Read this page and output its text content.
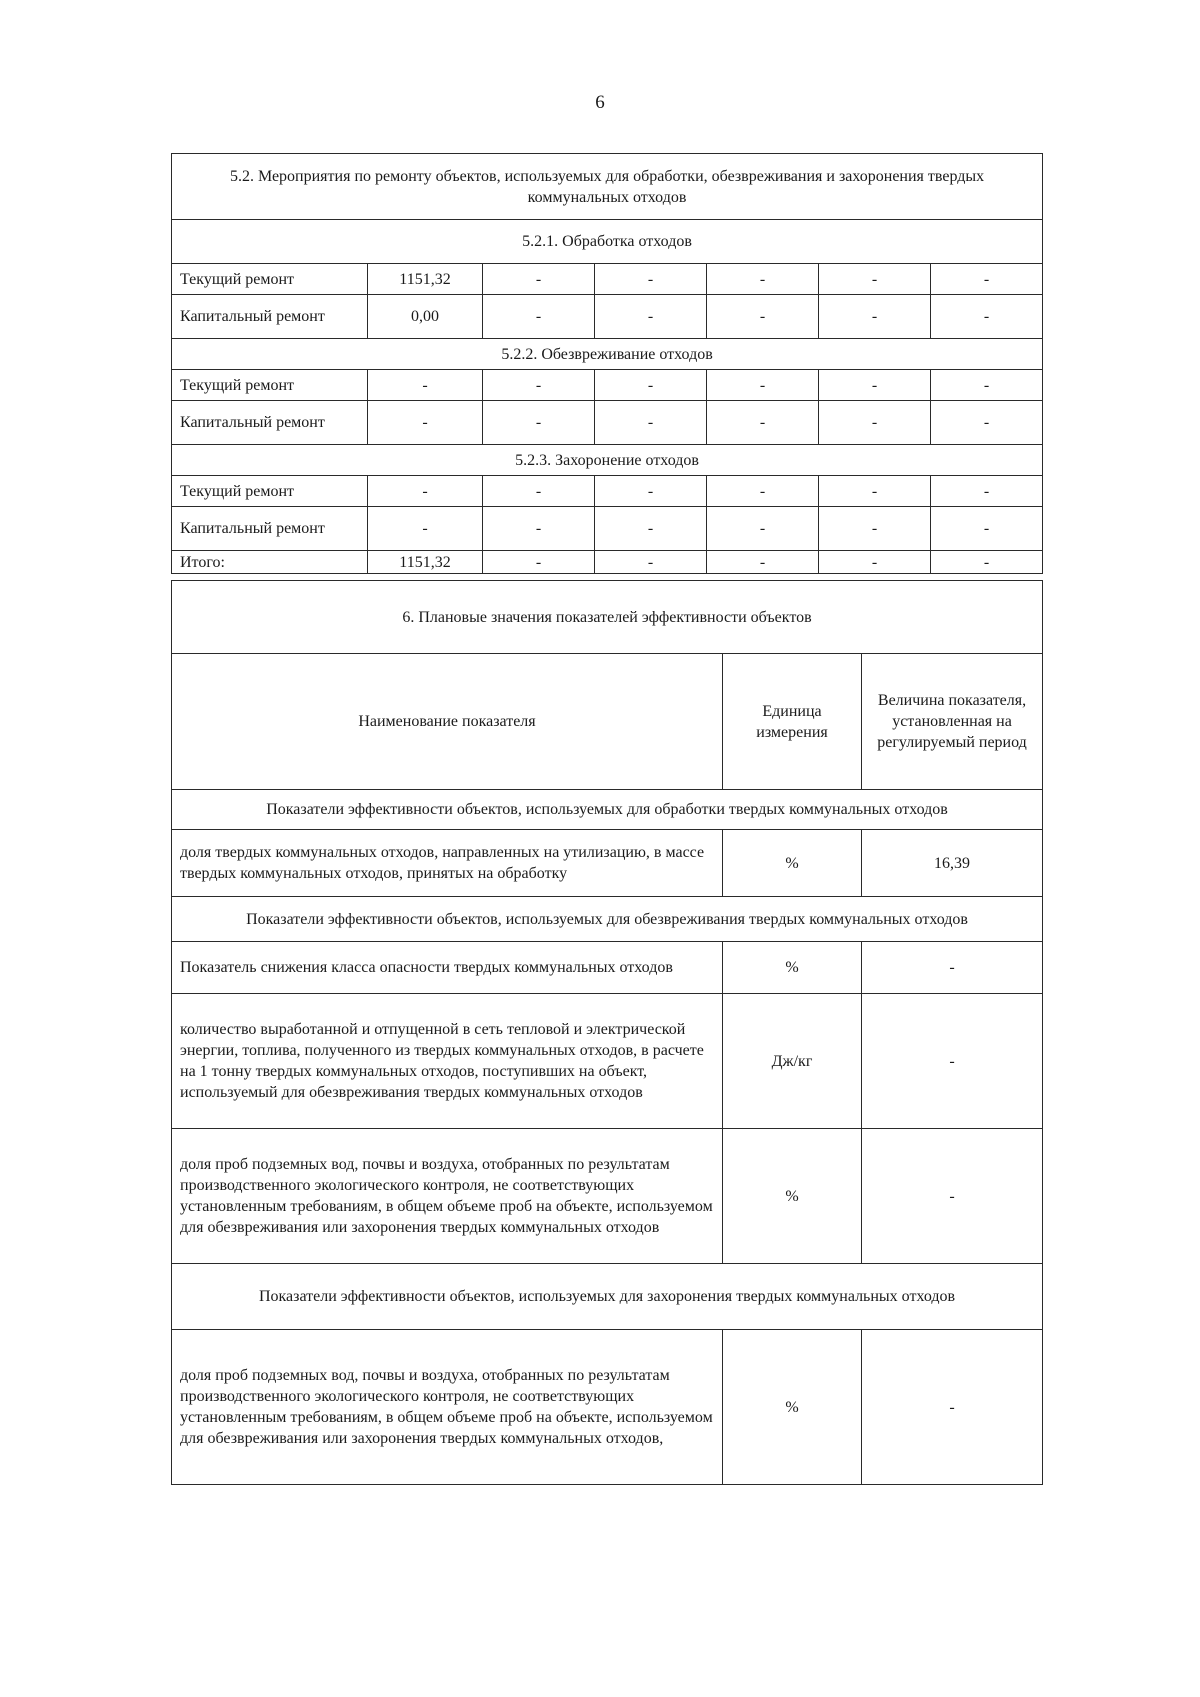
6
5.2. Мероприятия по ремонту объектов, используемых для обработки, обезвреживания и захоронения твердых коммунальных отходов						
5.2.1. Обработка отходов						
Текущий ремонт	1151,32	-	-	-	-	-
Капитальный ремонт	0,00	-	-	-	-	-
5.2.2. Обезвреживание отходов						
Текущий ремонт	-	-	-	-	-	-
Капитальный ремонт	-	-	-	-	-	-
5.2.3. Захоронение отходов						
Текущий ремонт	-	-	-	-	-	-
Капитальный ремонт	-	-	-	-	-	-
Итого:	1151,32	-	-	-	-	-
6. Плановые значения показателей эффективности объектов		
Наименование показателя	Единица измерения	Величина показателя, установленная на регулируемый период
Показатели эффективности объектов, используемых для обработки твердых коммунальных отходов		
доля твердых коммунальных отходов, направленных на утилизацию, в массе твердых коммунальных отходов, принятых на обработку	%	16,39
Показатели эффективности объектов, используемых для обезвреживания твердых коммунальных отходов		
Показатель снижения класса опасности твердых коммунальных отходов	%	-
количество выработанной и отпущенной в сеть тепловой и электрической энергии, топлива, полученного из твердых коммунальных отходов, в расчете на 1 тонну твердых коммунальных отходов, поступивших на объект, используемый для обезвреживания твердых коммунальных отходов	Дж/кг	-
доля проб подземных вод, почвы и воздуха, отобранных по результатам производственного экологического контроля, не соответствующих установленным требованиям, в общем объеме проб на объекте, используемом для обезвреживания или захоронения твердых коммунальных отходов	%	-
Показатели эффективности объектов, используемых для захоронения твердых коммунальных отходов		
доля проб подземных вод, почвы и воздуха, отобранных по результатам производственного экологического контроля, не соответствующих установленным требованиям, в общем объеме проб на объекте, используемом для обезвреживания или захоронения твердых коммунальных отходов,	%	-
